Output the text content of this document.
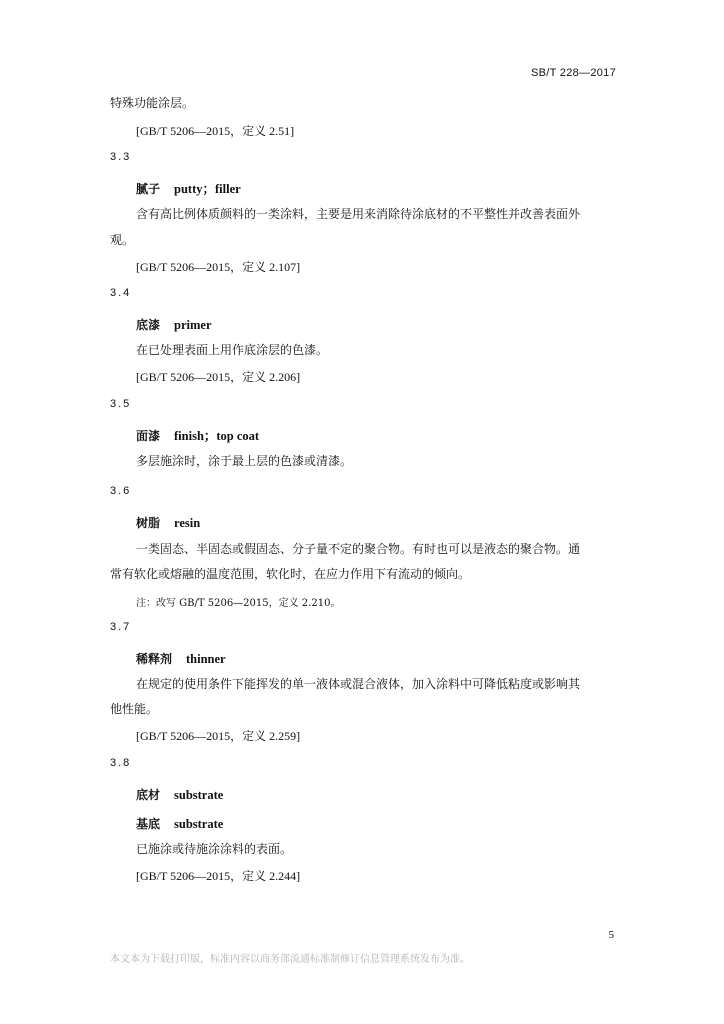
SB/T 228—2017
特殊功能涂层。
[GB/T 5206—2015，定义 2.51]
3.3
腻子 putty；filler
含有高比例体质颜料的一类涂料，主要是用来消除待涂底材的不平整性并改善表面外
观。
[GB/T 5206—2015，定义 2.107]
3.4
底漆 primer
在已处理表面上用作底涂层的色漆。
[GB/T 5206—2015，定义 2.206]
3.5
面漆 finish；top coat
多层施涂时，涂于最上层的色漆或清漆。
3.6
树脂 resin
一类固态、半固态或假固态、分子量不定的聚合物。有时也可以是液态的聚合物。通
常有软化或熔融的温度范围，软化时，在应力作用下有流动的倾向。
注：改写 GB/T 5206—2015，定义 2.210。
3.7
稀释剂 thinner
在规定的使用条件下能挥发的单一液体或混合液体，加入涂料中可降低粘度或影响其
他性能。
[GB/T 5206—2015，定义 2.259]
3.8
底材 substrate
基底 substrate
已施涂或待施涂涂料的表面。
[GB/T 5206—2015，定义 2.244]
5
本文本为下载打印版，标准内容以商务部流通标准制修订信息管理系统发布为准。
